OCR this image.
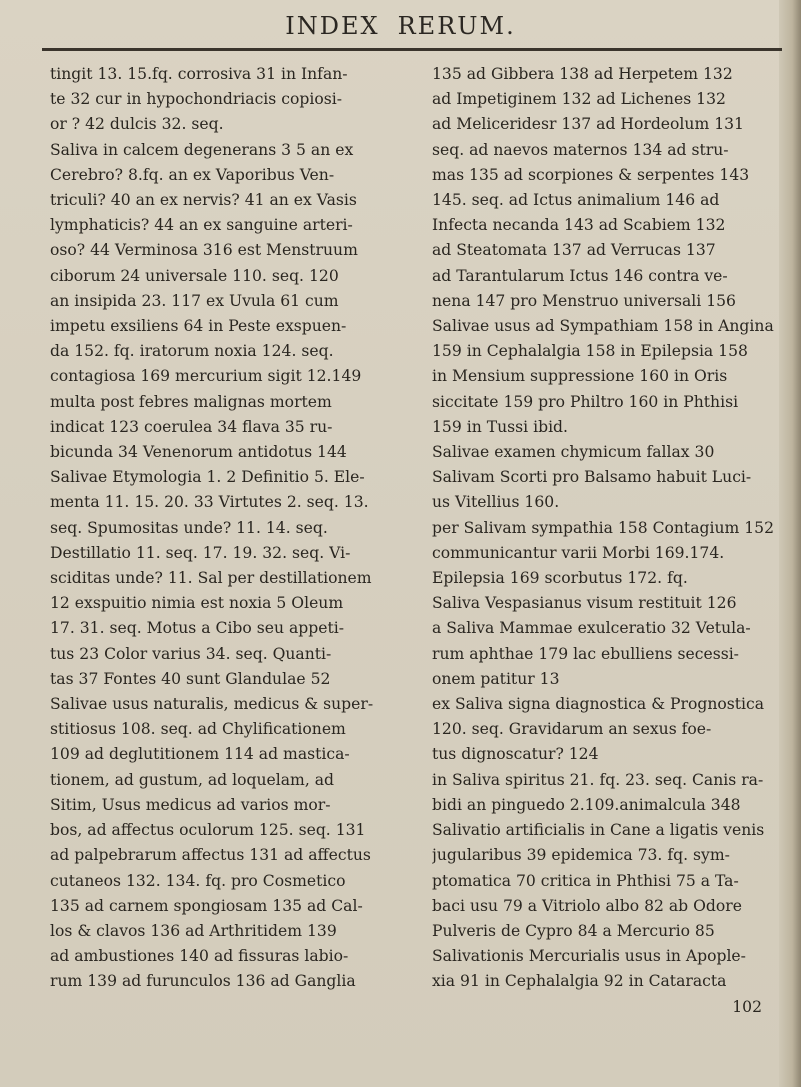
INDEX RERUM.
tingit 13. 15.fq. corrosiva 31 in Infan-
te 32 cur in hypochondriacis copiosi-
or ? 42 dulcis 32. seq.
Saliva in calcem degenerans 3 5 an ex
Cerebro? 8.fq. an ex Vaporibus Ven-
triculi? 40 an ex nervis? 41 an ex Vasis
lymphaticis? 44 an ex sanguine arteri-
oso? 44 Verminosa 316 est Menstruum
ciborum 24 universale 110. seq. 120
an insipida 23. 117 ex Uvula 61 cum
impetu exsiliens 64 in Peste exspuen-
da 152. fq. iratorum noxia 124. seq.
contagiosa 169 mercurium sigit 12.149
multa post febres malignas mortem
indicat 123 coerulea 34 flava 35 ru-
bicunda 34 Venenorum antidotus 144
Salivae Etymologia 1. 2 Definitio 5. Ele-
menta 11. 15. 20. 33 Virtutes 2. seq. 13.
seq. Spumositas unde? 11. 14. seq.
Destillatio 11. seq. 17. 19. 32. seq. Vi-
sciditas unde? 11. Sal per destillationem
12 exspuitio nimia est noxia 5 Oleum
17. 31. seq. Motus a Cibo seu appeti-
tus 23 Color varius 34. seq. Quanti-
tas 37 Fontes 40 sunt Glandulae 52
Salivae usus naturalis, medicus & super-
stitiosus 108. seq. ad Chylificationem
109 ad deglutitionem 114 ad mastica-
tionem, ad gustum, ad loquelam, ad
Sitim, Usus medicus ad varios mor-
bos, ad affectus oculorum 125. seq. 131
ad palpebrarum affectus 131 ad affectus
cutaneos 132. 134. fq. pro Cosmetico
135 ad carnem spongiosam 135 ad Cal-
los & clavos 136 ad Arthritidem 139
ad ambustiones 140 ad fissuras labio-
rum 139 ad furunculos 136 ad Ganglia
135 ad Gibbera 138 ad Herpetem 132
ad Impetiginem 132 ad Lichenes 132
ad Meliceridesr 137 ad Hordeolum 131
seq. ad naevos maternos 134 ad stru-
mas 135 ad scorpiones & serpentes 143
145. seq. ad Ictus animalium 146 ad
Infecta necanda 143 ad Scabiem 132
ad Steatomata 137 ad Verrucas 137
ad Tarantularum Ictus 146 contra ve-
nena 147 pro Menstruo universali 156
Salivae usus ad Sympathiam 158 in Angina
159 in Cephalalgia 158 in Epilepsia 158
in Mensium suppressione 160 in Oris
siccitate 159 pro Philtro 160 in Phthisi
159 in Tussi ibid.
Salivae examen chymicum fallax 30
Salivam Scorti pro Balsamo habuit Luci-
us Vitellius 160.
per Salivam sympathia 158 Contagium 152
communicantur varii Morbi 169.174.
Epilepsia 169 scorbutus 172. fq.
Saliva Vespasianus visum restituit 126
a Saliva Mammae exulceratio 32 Vetula-
rum aphthae 179 lac ebulliens secessi-
onem patitur 13
ex Saliva signa diagnostica & Prognostica
120. seq. Gravidarum an sexus foe-
tus dignoscatur? 124
in Saliva spiritus 21. fq. 23. seq. Canis ra-
bidi an pinguedo 2.109.animalcula 348
Salivatio artificialis in Cane a ligatis venis
jugularibus 39 epidemica 73. fq. sym-
ptomatica 70 critica in Phthisi 75 a Ta-
baci usu 79 a Vitriolo albo 82 ab Odore
Pulveris de Cypro 84 a Mercurio 85
Salivationis Mercurialis usus in Apople-
xia 91 in Cephalalgia 92 in Cataracta
102
